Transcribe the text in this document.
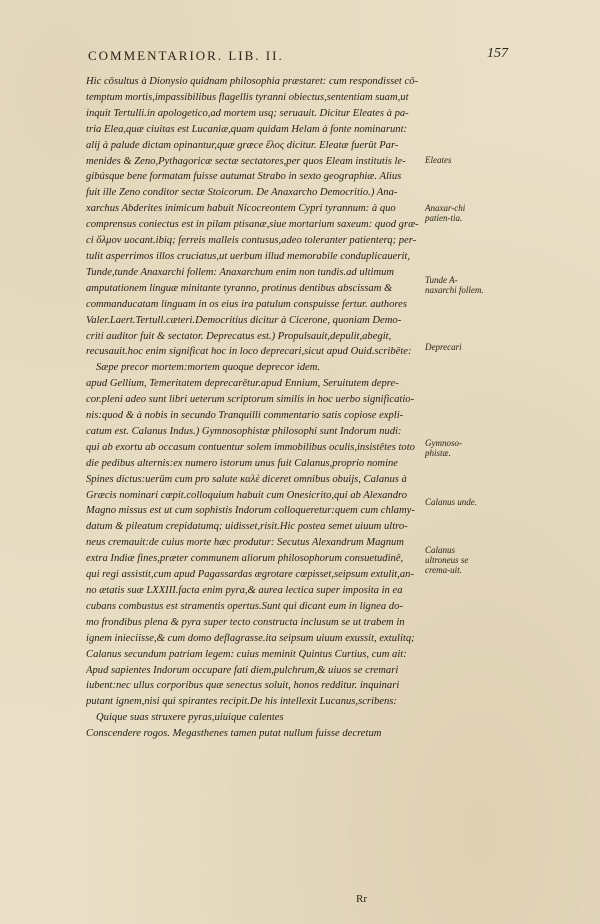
COMMENTARIOR. LIB. II.	157
Hic cōsultus à Dionysio quidnam philosophia præstaret: cum respondisset cō-
temptum mortis,impassibilibus flagellis tyranni obiectus,sententiam suam,ut
inquit Tertulli.in apologetico,ad mortem usq; seruauit. Dicitur Eleates à pa-
tria Elea,quæ ciuitas est Lucaniæ,quam quidam Helam à fonte nominarunt:
alij à palude dictam opinantur,quæ græce ἕλος dicitur. Eleatæ fuerūt Par-
menides & Zeno,Pythagoricæ sectæ sectatores,per quos Eleam institutis le-
gibúsque bene formatam fuisse autumat Strabo in sexto geographiæ. Alius
fuit ille Zeno conditor sectæ Stoicorum. De Anaxarcho Democritio.) Ana-
xarchus Abderites inimicum habuit Nicocreontem Cypri tyrannum: à quo
comprensus coniectus est in pilam ptisanæ,siue mortarium saxeum: quod græ-
ci ὅλμον uocant.ibiq; ferreis malleis contusus,adeo toleranter patienterq; per-
tulit asperrimos illos cruciatus,ut uerbum illud memorabile conduplicauerit,
Tunde,tunde Anaxarchi follem: Anaxarchum enim non tundis.ad ultimum
amputationem linguæ minitante tyranno, protinus dentibus abscissam &
commanducatam linguam in os eius ira patulum conspuisse fertur. authores
Valer.Laert.Tertull.cæteri.Democritius dicitur à Cicerone, quoniam Demo-
criti auditor fuit & sectator. Deprecatus est.) Propulsauit,depulit,abegit,
recusauit.hoc enim significat hoc in loco deprecari,sicut apud Ouid.scribēte:
Sæpe precor mortem:mortem quoque deprecor idem.
apud Gellium, Temeritatem deprecarētur.apud Ennium, Seruitutem depre-
cor.pleni adeo sunt libri ueterum scriptorum similis in hoc uerbo significatio-
nis:quod & à nobis in secundo Tranquilli commentario satis copiose expli-
catum est. Calanus Indus.) Gymnosophistæ philosophi sunt Indorum nudi:
qui ab exortu ab occasum contuentur solem immobilibus oculis,insistētes toto
die pedibus alternis:ex numero istorum unus fuit Calanus,proprio nomine
Spines dictus:uerūm cum pro salute καλὲ diceret omnibus obuijs, Calanus à
Græcis nominari cœpit.colloquium habuit cum Onesicrito,qui ab Alexandro
Magno missus est ut cum sophistis Indorum colloqueretur:quem cum chlamy-
datum & pileatum crepidatumq; uidisset,risit.Hic postea semet uiuum ultro-
neus cremauit:de cuius morte hæc produtur: Secutus Alexandrum Magnum
extra Indiæ fines,præter communem aliorum philosophorum consuetudinē,
qui regi assistit,cum apud Pagassardas ægrotare cœpisset,seipsum extulit,an-
no ætatis suæ LXXIII.facta enim pyra,& aurea lectica super imposita in ea
cubans combustus est stramentis opertus.Sunt qui dicant eum in lignea do-
mo frondibus plena & pyra super tecto constructa inclusum se ut trabem in
ignem inieciisse,& cum domo deflagrasse.ita seipsum uiuum exussit, extulitq;
Calanus secundum patriam legem: cuius meminit Quintus Curtius, cum ait:
Apud sapientes Indorum occupare fati diem,pulchrum,& uiuos se cremari
iubent:nec ullus corporibus quæ senectus soluit, honos redditur. inquinari
putant ignem,nisi qui spirantes recipit.De his intellexit Lucanus,scribens:
Quique suas struxere pyras,uiuique calentes
Conscendere rogos. Megasthenes tamen putat nullum fuisse decretum
Eleates
Anaxar-chi patien-tia.
Tunde A-naxarchi follem.
Deprecari
Gymnoso-phistæ.
Calanus unde.
Calanus ultroneus se crema-uit.
Rr
